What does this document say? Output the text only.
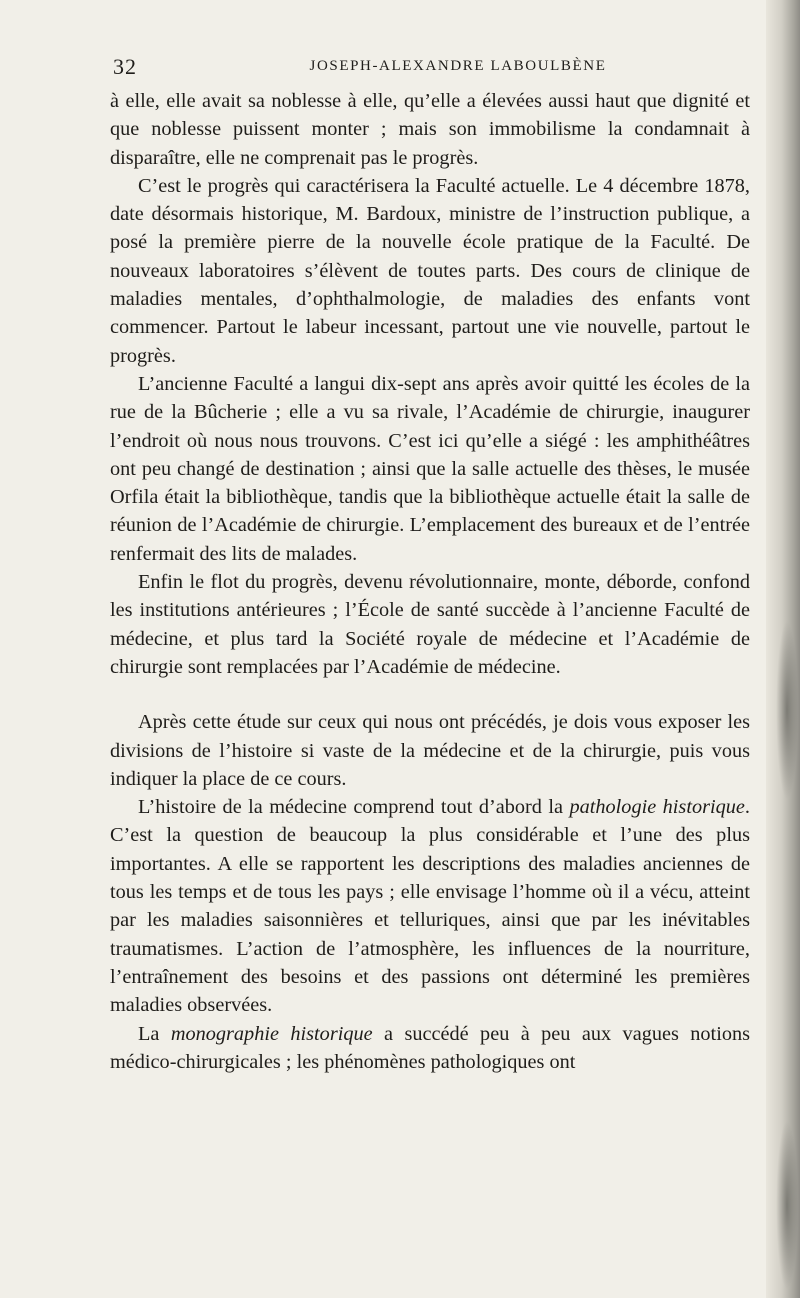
32	JOSEPH-ALEXANDRE LABOULBÈNE

à elle, elle avait sa noblesse à elle, qu’elle a élevées aussi haut que dignité et que noblesse puissent monter ; mais son immobilisme la condamnait à disparaître, elle ne comprenait pas le progrès.

C’est le progrès qui caractérisera la Faculté actuelle. Le 4 décembre 1878, date désormais historique, M. Bardoux, ministre de l’instruction publique, a posé la première pierre de la nouvelle école pratique de la Faculté. De nouveaux laboratoires s’élèvent de toutes parts. Des cours de clinique de maladies mentales, d’ophthalmologie, de maladies des enfants vont commencer. Partout le labeur incessant, partout une vie nouvelle, partout le progrès.

L’ancienne Faculté a langui dix-sept ans après avoir quitté les écoles de la rue de la Bûcherie ; elle a vu sa rivale, l’Académie de chirurgie, inaugurer l’endroit où nous nous trouvons. C’est ici qu’elle a siégé : les amphithéâtres ont peu changé de destination ; ainsi que la salle actuelle des thèses, le musée Orfila était la bibliothèque, tandis que la bibliothèque actuelle était la salle de réunion de l’Académie de chirurgie. L’emplacement des bureaux et de l’entrée renfermait des lits de malades.

Enfin le flot du progrès, devenu révolutionnaire, monte, déborde, confond les institutions antérieures ; l’École de santé succède à l’ancienne Faculté de médecine, et plus tard la Société royale de médecine et l’Académie de chirurgie sont remplacées par l’Académie de médecine.

Après cette étude sur ceux qui nous ont précédés, je dois vous exposer les divisions de l’histoire si vaste de la médecine et de la chirurgie, puis vous indiquer la place de ce cours.

L’histoire de la médecine comprend tout d’abord la pathologie historique. C’est la question de beaucoup la plus considérable et l’une des plus importantes. A elle se rapportent les descriptions des maladies anciennes de tous les temps et de tous les pays ; elle envisage l’homme où il a vécu, atteint par les maladies saisonnières et telluriques, ainsi que par les inévitables traumatismes. L’action de l’atmosphère, les influences de la nourriture, l’entraînement des besoins et des passions ont déterminé les premières maladies observées.

La monographie historique a succédé peu à peu aux vagues notions médico-chirurgicales ; les phénomènes pathologiques ont
